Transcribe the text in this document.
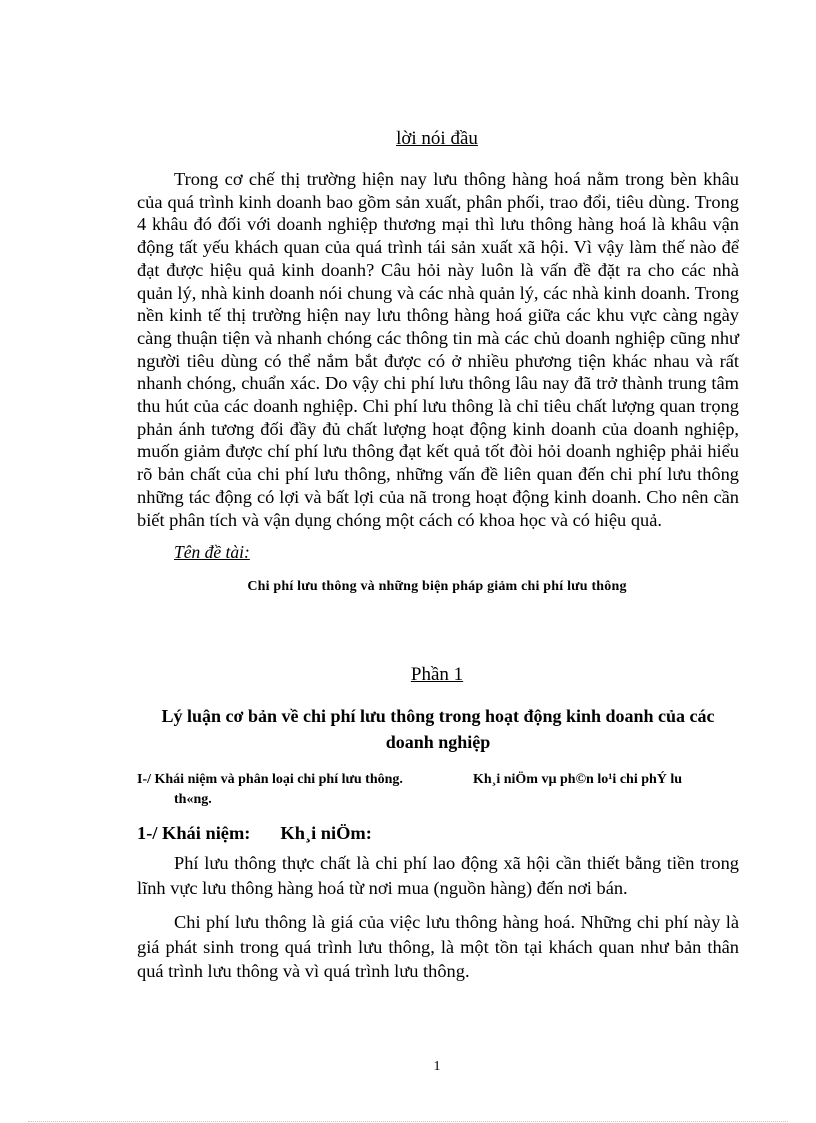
lời nói đầu

Trong cơ chế thị trường hiện nay lưu thông hàng hoá nằm trong bèn khâu của quá trình kinh doanh bao gồm sản xuất, phân phối, trao đổi, tiêu dùng. Trong 4 khâu đó đối với doanh nghiệp thương mại thì lưu thông hàng hoá là khâu vận động tất yếu khách quan của quá trình tái sản xuất xã hội. Vì vậy làm thế nào để đạt được hiệu quả kinh doanh? Câu hỏi này luôn là vấn đề đặt ra cho các nhà quản lý, nhà kinh doanh nói chung và các nhà quản lý, các nhà kinh doanh. Trong nền kinh tế thị trường hiện nay lưu thông hàng hoá giữa các khu vực càng ngày càng thuận tiện và nhanh chóng các thông tin mà các chủ doanh nghiệp cũng như người tiêu dùng có thể nắm bắt được có ở nhiều phương tiện khác nhau và rất nhanh chóng, chuẩn xác. Do vậy chi phí lưu thông lâu nay đã trở thành trung tâm thu hút của các doanh nghiệp. Chi phí lưu thông là chỉ tiêu chất lượng quan trọng phản ánh tương đối đầy đủ chất lượng hoạt động kinh doanh của doanh nghiệp, muốn giảm được chí phí lưu thông đạt kết quả tốt đòi hỏi doanh nghiệp phải hiểu rõ bản chất của chi phí lưu thông, những vấn đề liên quan đến chi phí lưu thông những tác động có lợi và bất lợi của nã trong hoạt động kinh doanh. Cho nên cần biết phân tích và vận dụng chóng một cách có khoa học và có hiệu quả.

Tên đề tài:
Chi phí lưu thông và những biện pháp giảm chi phí lưu thông
Phần 1
Lý luận cơ bản về chi phí lưu thông trong hoạt động kinh doanh của các doanh nghiệp
I-/ Khái niệm và phân loại chi phí lưu thông.	Kh¸i niÖm vµ ph©n lo¹i chi phÝ lu
th«ng.
1-/ Khái niệm: Kh¸i niÖm:

Phí lưu thông thực chất là chi phí lao động xã hội cần thiết bằng tiền trong lĩnh vực lưu thông hàng hoá từ nơi mua (nguồn hàng) đến nơi bán.

Chi phí lưu thông là giá của việc lưu thông hàng hoá. Những chi phí này là giá phát sinh trong quá trình lưu thông, là một tồn tại khách quan như bản thân quá trình lưu thông và vì quá trình lưu thông.

1
